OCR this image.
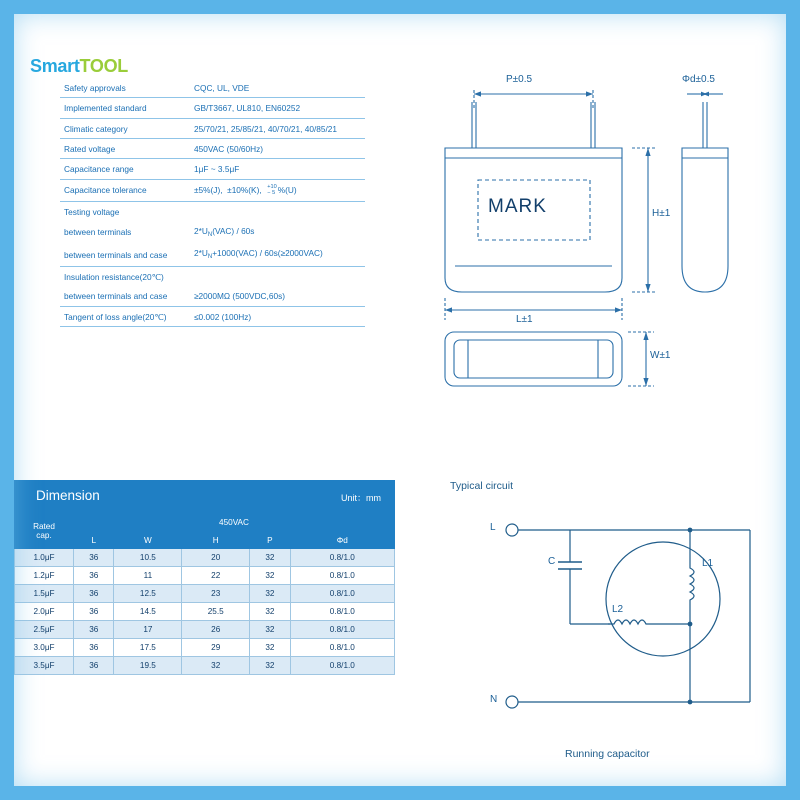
SmartTOOL
Safety approvals	CQC, UL, VDE
Implemented standard	GB/T3667, UL810, EN60252
Climatic category	25/70/21, 25/85/21, 40/70/21, 40/85/21
Rated voltage	450VAC (50/60Hz)
Capacitance range	1μF ~ 3.5μF
Capacitance tolerance	±5%(J),  ±10%(K),  +10
− 5 %(U)
Testing voltage	
between terminals	$2*U_N(VAC) / 60s$
between terminals and case	$2*U_N+1000(VAC) / 60s(\ge 2000VAC)$
Insulation resistance(20℃)	
between terminals and case	≥2000MΩ (500VDC,60s)
Tangent of loss angle(20℃)	≤0.002 (100Hz)
Dimension	Unit：mm
Rated
cap.	450VAC				
	L	W	H	P	Φd
1.0μF	36	10.5	20	32	0.8/1.0
1.2μF	36	11	22	32	0.8/1.0
1.5μF	36	12.5	23	32	0.8/1.0
2.0μF	36	14.5	25.5	32	0.8/1.0
2.5μF	36	17	26	32	0.8/1.0
3.0μF	36	17.5	29	32	0.8/1.0
3.5μF	36	19.5	32	32	0.8/1.0
P±0.5	Φd±0.5
H±1
L±1
W±1
MARK
Typical circuit
Running capacitor
L
N
C	L1
L2
